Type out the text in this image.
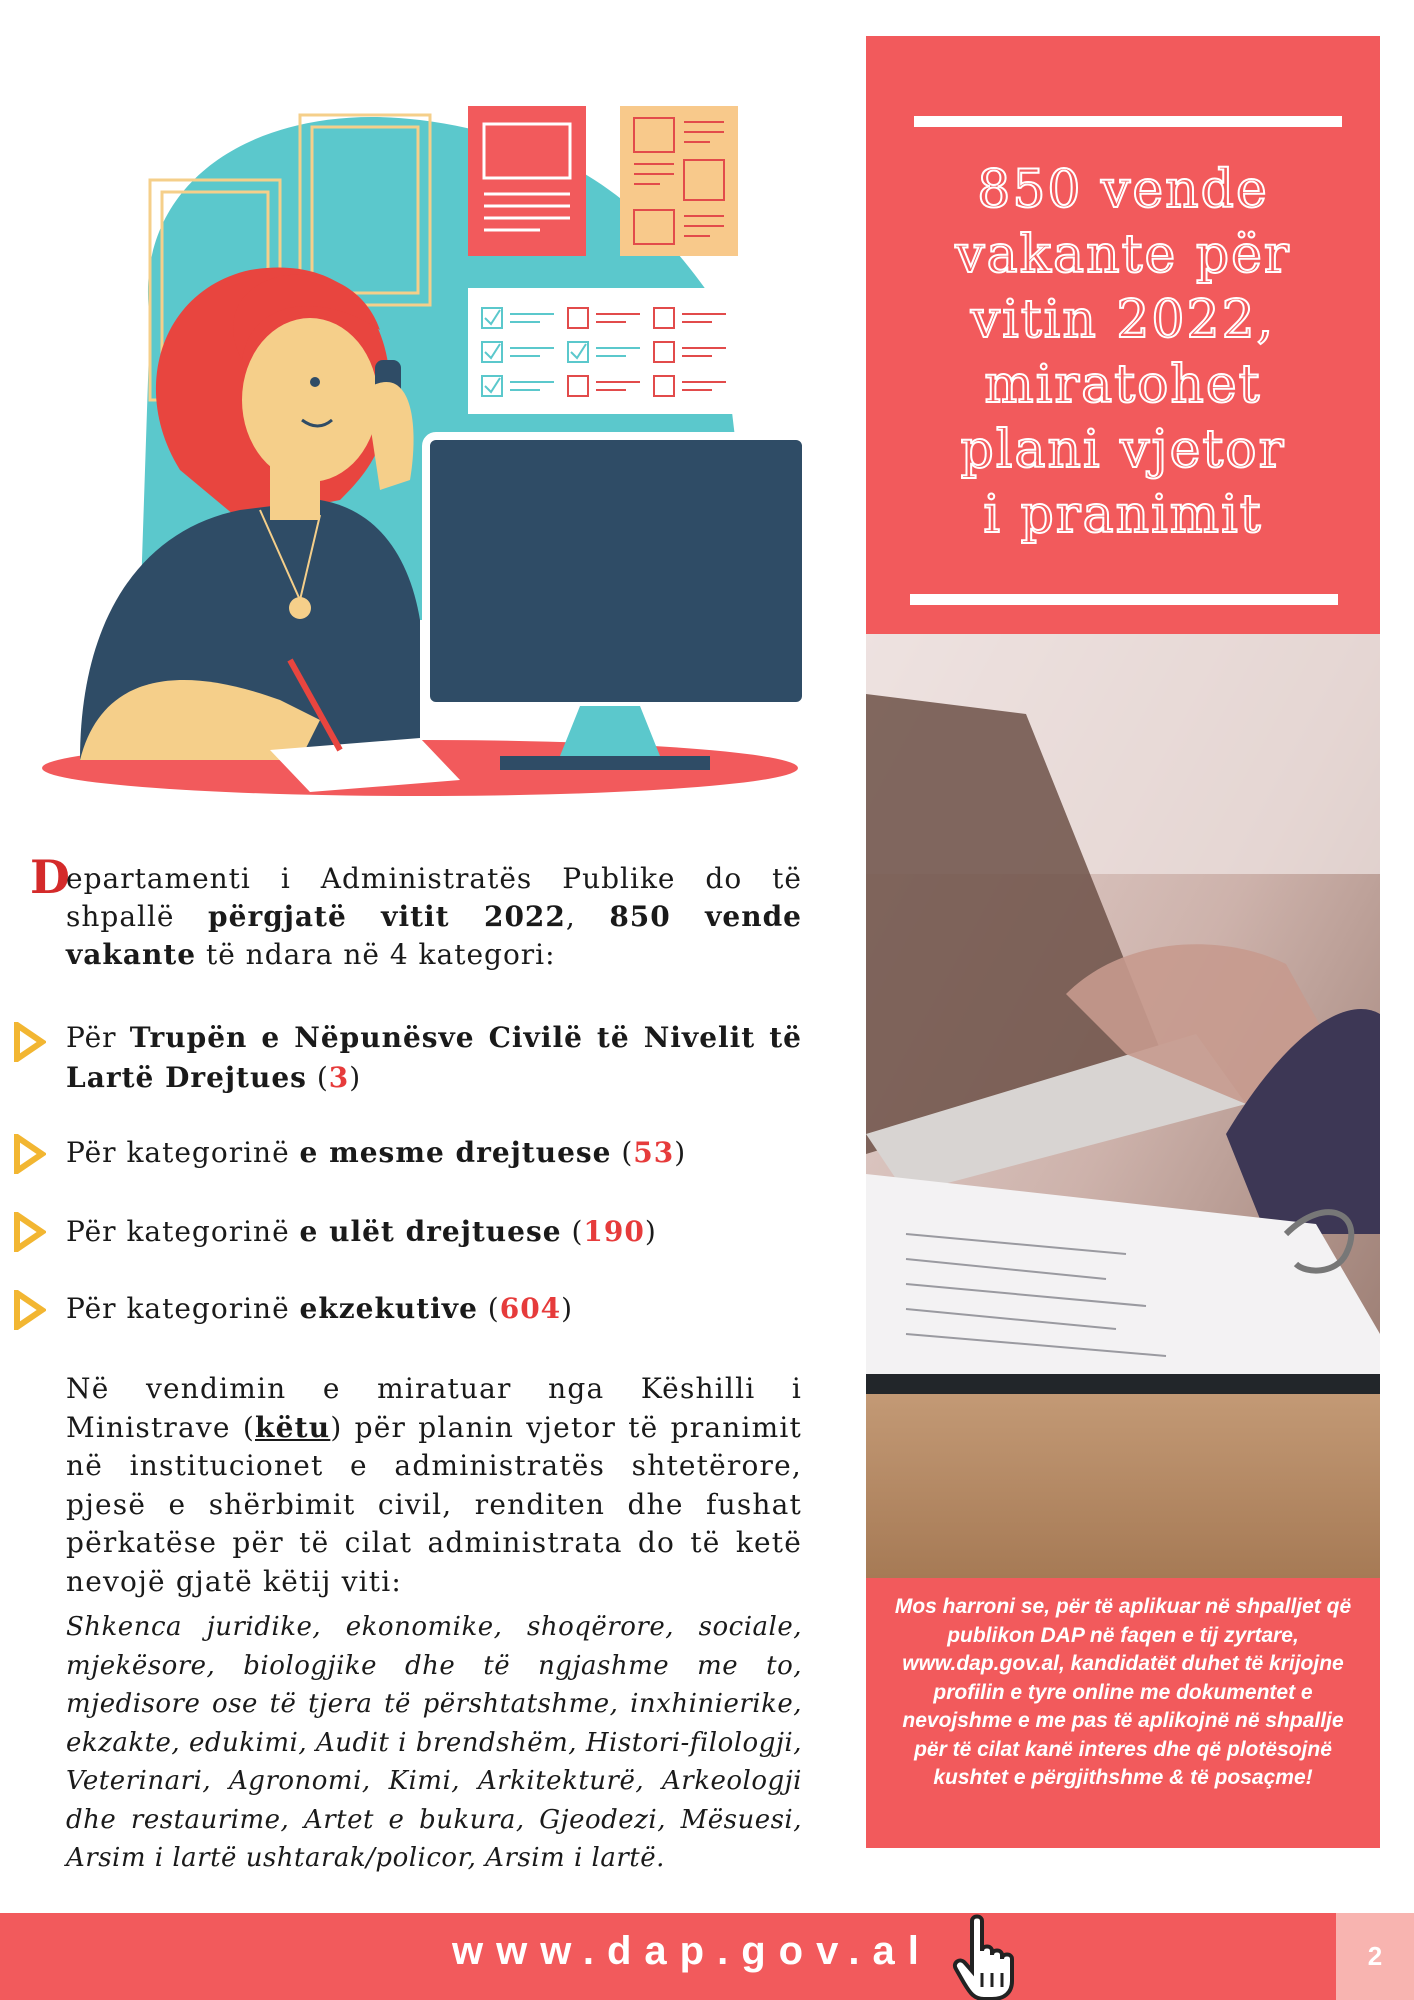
850 vende
vakante për
vitin 2022,
miratohet
plani vjetor
i pranimit
Mos harroni se, për të aplikuar në shpalljet që publikon DAP në faqen e tij zyrtare, www.dap.gov.al, kandidatët duhet të krijojne profilin e tyre online me dokumentet e nevojshme e me pas të aplikojnë në shpallje për të cilat kanë interes dhe që plotësojnë kushtet e përgjithshme & të posaçme!
D
epartamenti i Administratës Publike do të shpallë përgjatë vitit 2022, 850 vende vakante të ndara në 4 kategori:
Për Trupën e Nëpunësve Civilë të Nivelit të Lartë Drejtues (3)
Për kategorinë e mesme drejtuese (53)
Për kategorinë e ulët drejtuese (190)
Për kategorinë ekzekutive (604)
Në vendimin e miratuar nga Këshilli i Ministrave (këtu) për planin vjetor të pranimit në institucionet e administratës shtetërore, pjesë e shërbimit civil, renditen dhe fushat përkatëse për të cilat administrata do të ketë nevojë gjatë këtij viti:
Shkenca juridike, ekonomike, shoqërore, sociale, mjekësore, biologjike dhe të ngjashme me to, mjedisore ose të tjera të përshtatshme, inxhinierike, ekzakte, edukimi, Audit i brendshëm, Histori-filologji, Veterinari, Agronomi, Kimi, Arkitekturë, Arkeologji dhe restaurime, Artet e bukura, Gjeodezi, Mësuesi, Arsim i lartë ushtarak/policor, Arsim i lartë.
www.dap.gov.al	2
